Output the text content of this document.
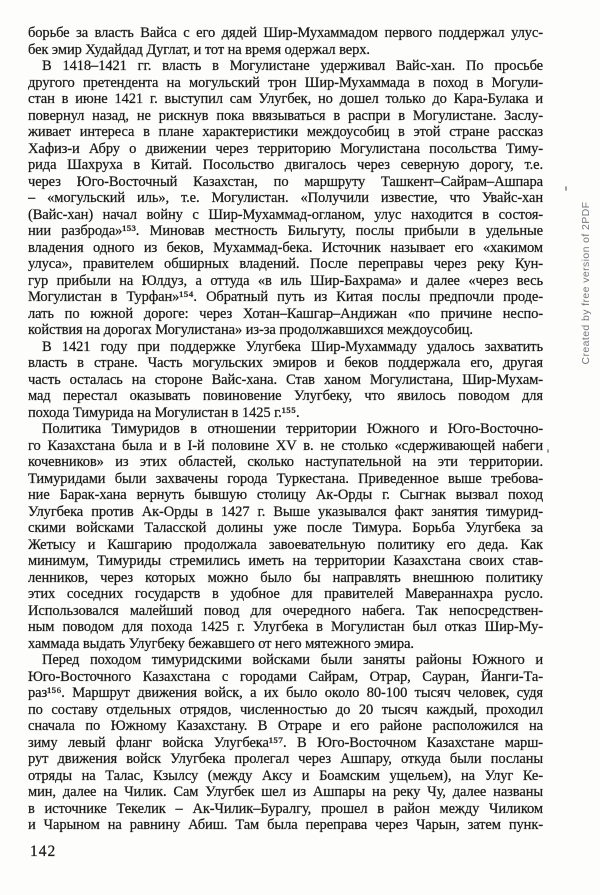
борьбе за власть Вайса с его дядей Шир-Мухаммадом первого поддержал улус-
бек эмир Худайдад Дуглат, и тот на время одержал верх.
В 1418–1421 гг. власть в Могулистане удерживал Вайс-хан. По просьбе
другого претендента на могульский трон Шир-Мухаммада в поход в Могули-
стан в июне 1421 г. выступил сам Улугбек, но дошел только до Кара-Булака и
повернул назад, не рискнув пока ввязываться в распри в Могулистане. Заслу-
живает интереса в плане характеристики междоусобиц в этой стране рассказ
Хафиз-и Абру о движении через территорию Могулистана посольства Тиму-
рида Шахруха в Китай. Посольство двигалось через северную дорогу, т.е.
через Юго-Восточный Казахстан, по маршруту Ташкент–Сайрам–Ашпара
– «могульский иль», т.е. Могулистан. «Получили известие, что Увайс-хан
(Вайс-хан) начал войну с Шир-Мухаммад-огланом, улус находится в состоя-
нии разброда»¹⁵³. Миновав местность Бильгуту, послы прибыли в удельные
владения одного из беков, Мухаммад-бека. Источник называет его «хакимом
улуса», правителем обширных владений. После переправы через реку Кун-
гур прибыли на Юлдуз, а оттуда «в иль Шир-Бахрама» и далее «через весь
Могулистан в Турфан»¹⁵⁴. Обратный путь из Китая послы предпочли проде-
лать по южной дороге: через Хотан–Кашгар–Андижан «по причине неспо-
койствия на дорогах Могулистана» из-за продолжавшихся междоусобиц.
В 1421 году при поддержке Улугбека Шир-Мухаммаду удалось захватить
власть в стране. Часть могульских эмиров и беков поддержала его, другая
часть осталась на стороне Вайс-хана. Став ханом Могулистана, Шир-Мухам-
мад перестал оказывать повиновение Улугбеку, что явилось поводом для
похода Тимурида на Могулистан в 1425 г.¹⁵⁵.
Политика Тимуридов в отношении территории Южного и Юго-Восточно-
го Казахстана была и в I-й половине XV в. не столько «сдерживающей набеги
кочевников» из этих областей, сколько наступательной на эти территории.
Тимуридами были захвачены города Туркестана. Приведенное выше требова-
ние Барак-хана вернуть бывшую столицу Ак-Орды г. Сыгнак вызвал поход
Улугбека против Ак-Орды в 1427 г. Выше указывался факт занятия тимурид-
скими войсками Таласской долины уже после Тимура. Борьба Улугбека за
Жетысу и Кашгарию продолжала завоевательную политику его деда. Как
минимум, Тимуриды стремились иметь на территории Казахстана своих став-
ленников, через которых можно было бы направлять внешнюю политику
этих соседних государств в удобное для правителей Мавераннахра русло.
Использовался малейший повод для очередного набега. Так непосредствен-
ным поводом для похода 1425 г. Улугбека в Могулистан был отказ Шир-Му-
хаммада выдать Улугбеку бежавшего от него мятежного эмира.
Перед походом тимуридскими войсками были заняты районы Южного и
Юго-Восточного Казахстана с городами Сайрам, Отрар, Сауран, Йанги-Та-
раз¹⁵⁶. Маршрут движения войск, а их было около 80-100 тысяч человек, судя
по составу отдельных отрядов, численностью до 20 тысяч каждый, проходил
сначала по Южному Казахстану. В Отраре и его районе расположился на
зиму левый фланг войска Улугбека¹⁵⁷. В Юго-Восточном Казахстане марш-
рут движения войск Улугбека пролегал через Ашпару, откуда были посланы
отряды на Талас, Кзылсу (между Аксу и Боамским ущельем), на Улуг Ке-
мин, далее на Чилик. Сам Улугбек шел из Ашпары на реку Чу, далее названы
в источнике Текелик – Ак-Чилик–Буралгу, прошел в район между Чиликом
и Чарыном на равнину Абиш. Там была переправа через Чарын, затем пунк-
142
Created by free version of 2PDF
